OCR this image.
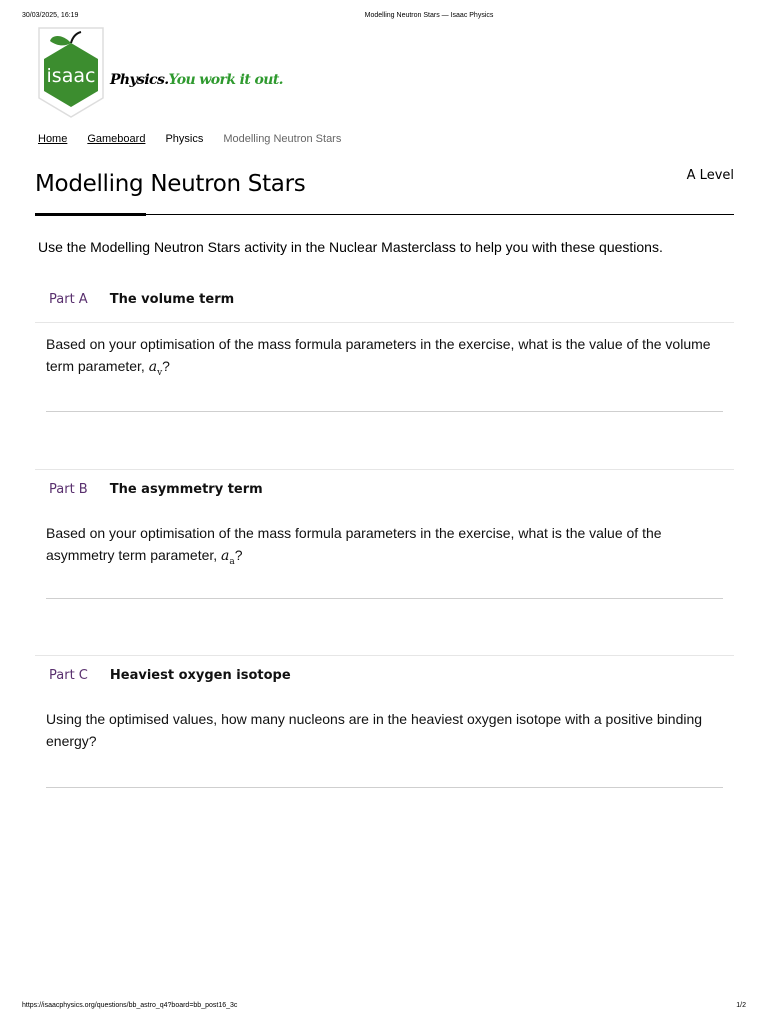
30/03/2025, 16:19	Modelling Neutron Stars — Isaac Physics
isaac Physics.You work it out.
Home Gameboard Physics Modelling Neutron Stars
Modelling Neutron Stars	A Level
Use the Modelling Neutron Stars activity in the Nuclear Masterclass to help you with these questions.
Part A The volume term
Based on your optimisation of the mass formula parameters in the exercise, what is the value of the volume term parameter, $a_v$?
Part B The asymmetry term
Based on your optimisation of the mass formula parameters in the exercise, what is the value of the asymmetry term parameter, $a_a$?
Part C Heaviest oxygen isotope
Using the optimised values, how many nucleons are in the heaviest oxygen isotope with a positive binding energy?
https://isaacphysics.org/questions/bb_astro_q4?board=bb_post16_3c	1/2
